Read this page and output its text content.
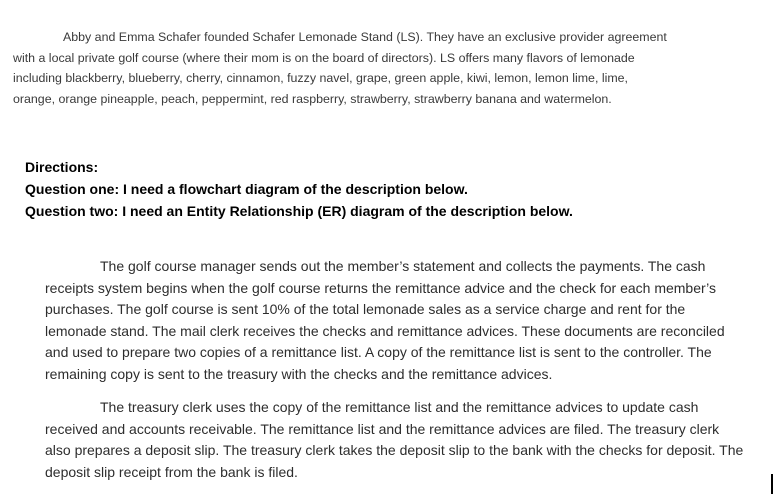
Abby and Emma Schafer founded Schafer Lemonade Stand (LS). They have an exclusive provider agreement with a local private golf course (where their mom is on the board of directors). LS offers many flavors of lemonade including blackberry, blueberry, cherry, cinnamon, fuzzy navel, grape, green apple, kiwi, lemon, lemon lime, lime, orange, orange pineapple, peach, peppermint, red raspberry, strawberry, strawberry banana and watermelon.

Directions:
Question one: I need a flowchart diagram of the description below.
Question two: I need an Entity Relationship (ER) diagram of the description below.

The golf course manager sends out the member’s statement and collects the payments. The cash receipts system begins when the golf course returns the remittance advice and the check for each member’s purchases. The golf course is sent 10% of the total lemonade sales as a service charge and rent for the lemonade stand. The mail clerk receives the checks and remittance advices. These documents are reconciled and used to prepare two copies of a remittance list. A copy of the remittance list is sent to the controller. The remaining copy is sent to the treasury with the checks and the remittance advices.

The treasury clerk uses the copy of the remittance list and the remittance advices to update cash received and accounts receivable. The remittance list and the remittance advices are filed. The treasury clerk also prepares a deposit slip. The treasury clerk takes the deposit slip to the bank with the checks for deposit. The deposit slip receipt from the bank is filed.
